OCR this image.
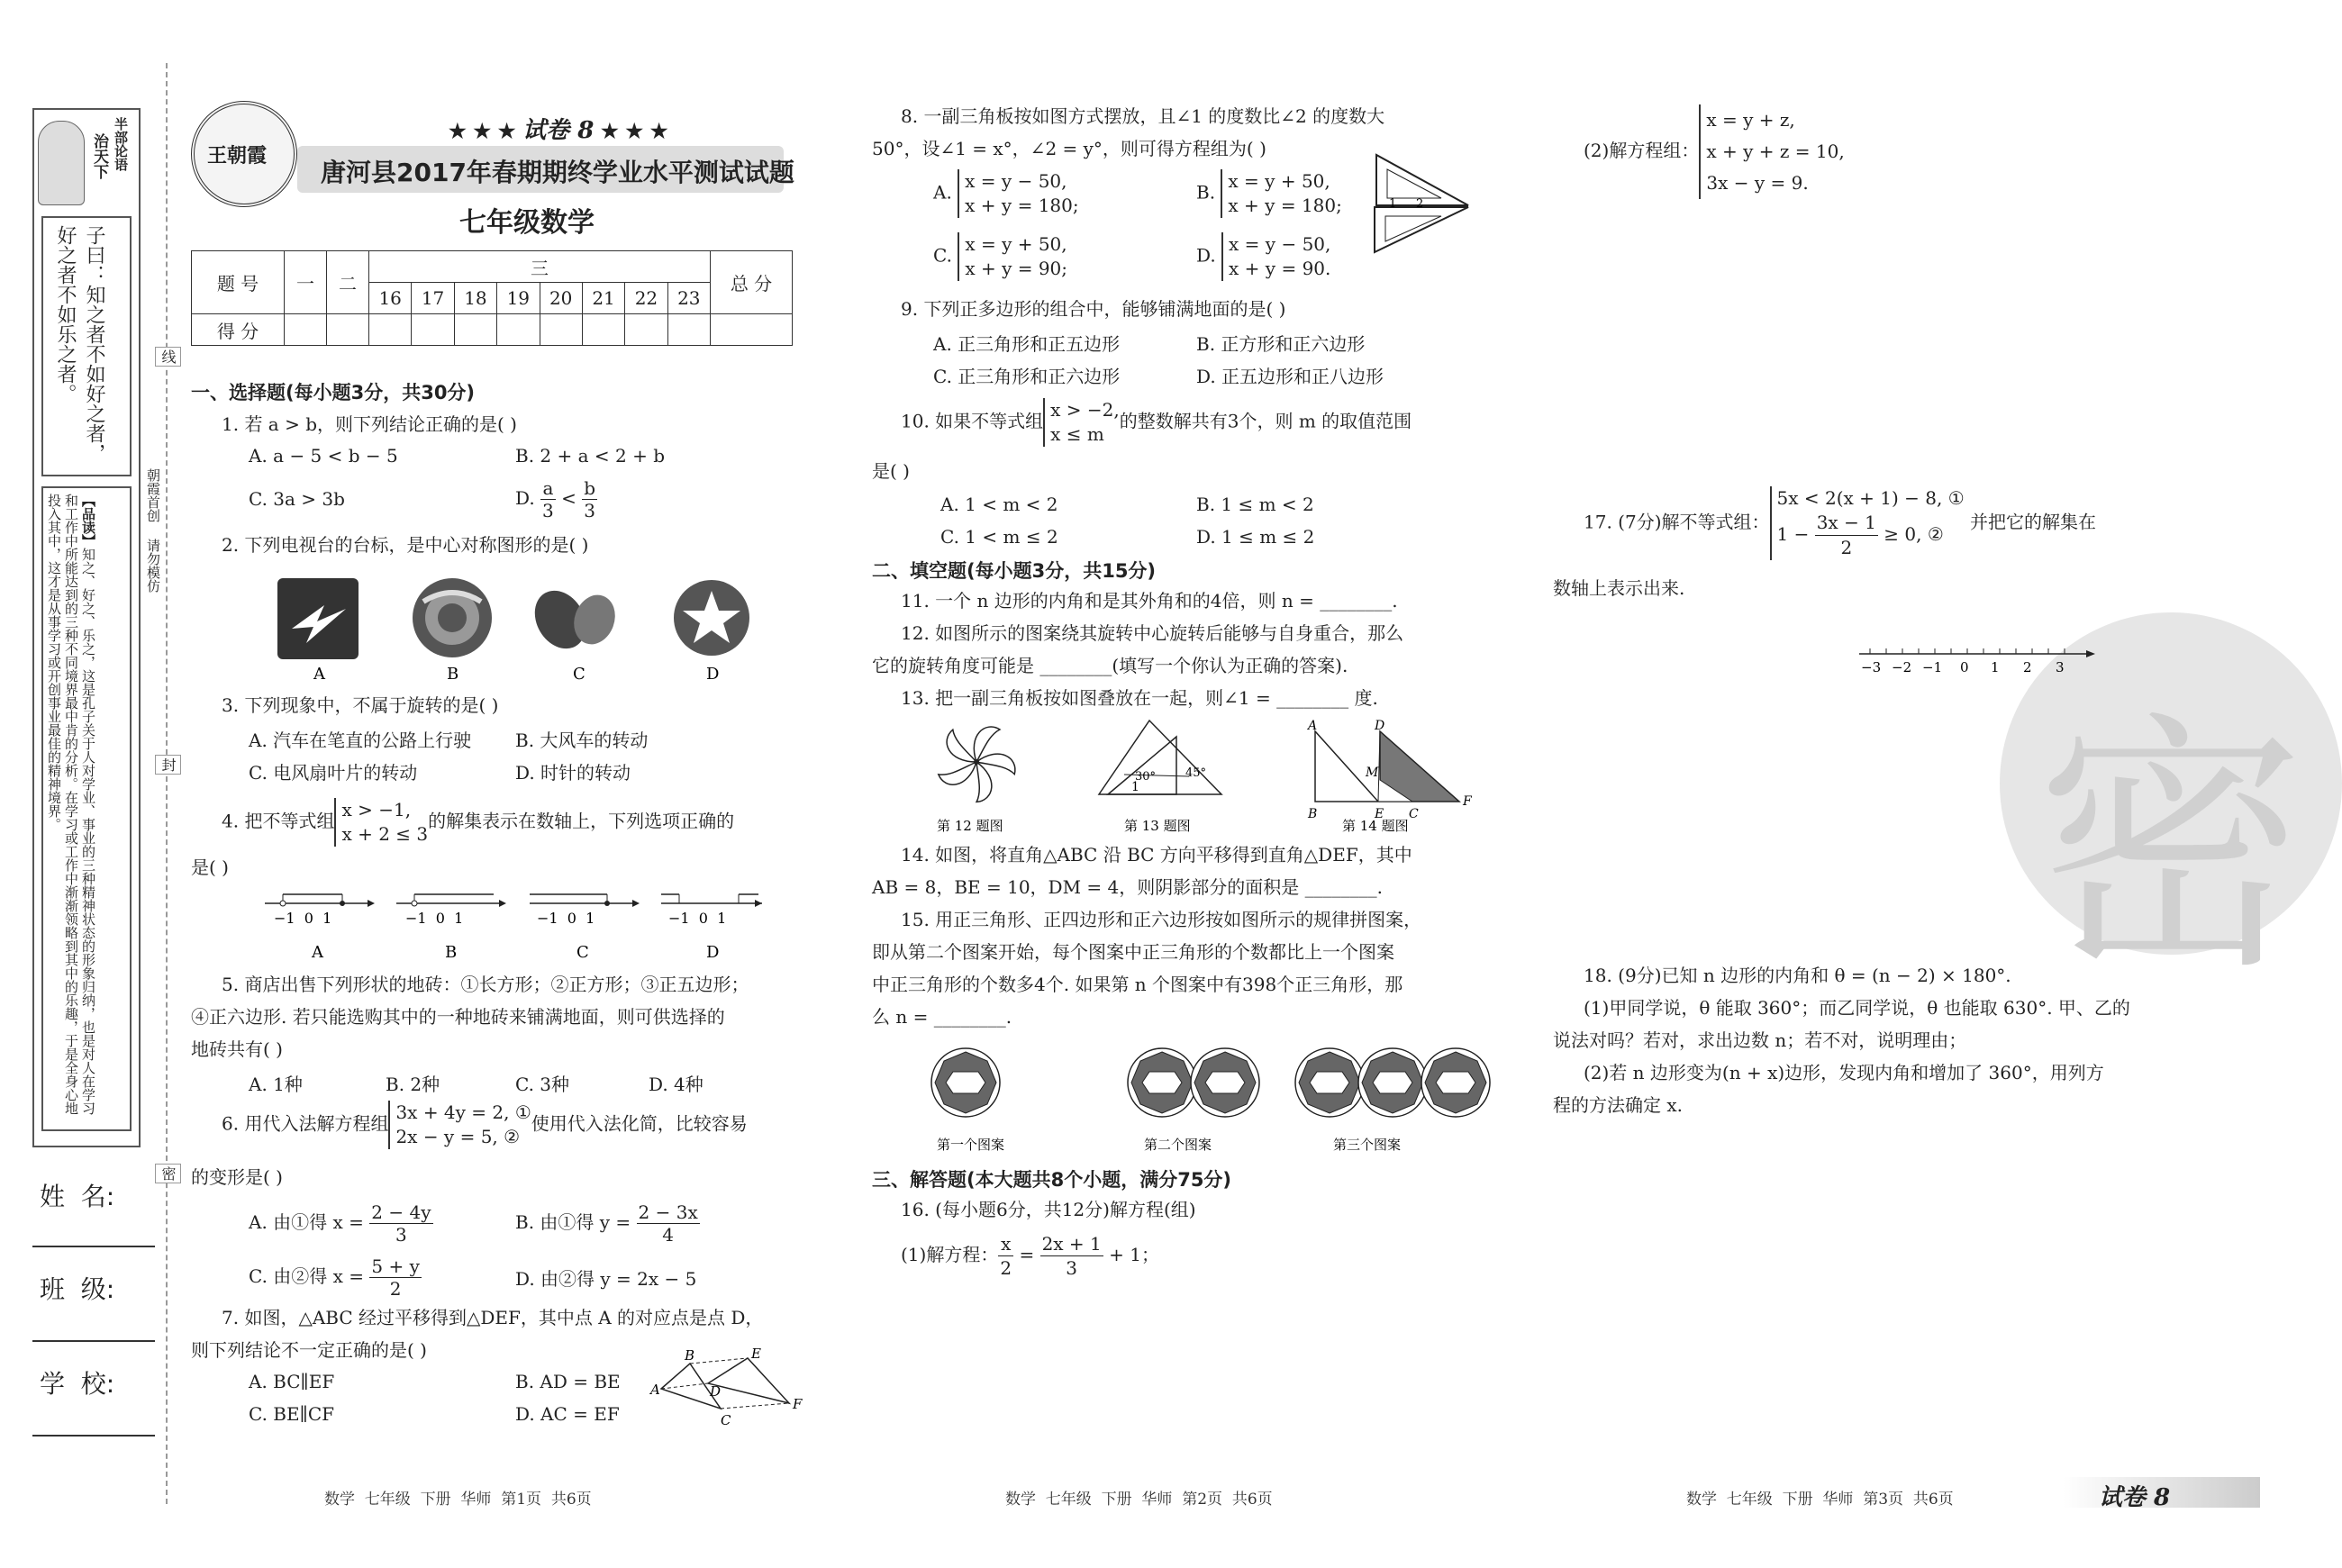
半部论语
治天下
子曰：知之者不如好之者，好之者不如乐之者。
【品读】知之、好之、乐之，这是孔子关于人对学业、事业的三种精神状态的形象归纳，也是对人在学习和工作中所能达到的三种不同境界最中肯的分析。在学习或工作中渐渐领略到其中的乐趣，于是全身心地投入其中，这才是从事学习或开创事业最佳的精神境界。
线
封
密
朝霞首创 请勿模仿
姓  名:
班  级:
学  校:
王朝霞
★ ★ ★ 试卷 8 ★ ★ ★
唐河县2017年春期期终学业水平测试试题
七年级数学
题 号	一	二	三								总 分
			16	17	18	19	20	21	22	23	
得 分											
一、选择题(每小题3分，共30分)
1. 若 a > b，则下列结论正确的是( )
A. a − 5 < b − 5	B. 2 + a < 2 + b
C. 3a > 3b	D. $\frac{a}{3} < \frac{b}{3}$
2. 下列电视台的台标，是中心对称图形的是( )
A	B	C	D
3. 下列现象中，不属于旋转的是( )
A. 汽车在笔直的公路上行驶 B. 大风车的转动
C. 电风扇叶片的转动	D. 时针的转动
4. 把不等式组x > −1,
x + 2 ≤ 3的解集表示在数轴上，下列选项正确的
是( )
−1  0  1	−1  0  1	−1  0  1	−1  0  1
A	B	C	D
5. 商店出售下列形状的地砖：①长方形；②正方形；③正五边形；
④正六边形. 若只能选购其中的一种地砖来铺满地面，则可供选择的
地砖共有( )
A. 1种	B. 2种	C. 3种	D. 4种
6. 用代入法解方程组3x + 4y = 2, ①
2x − y = 5, ②使用代入法化简，比较容易
的变形是( )
A. 由①得 $x = \frac{2 - 4y}{3}$	B. 由①得 $y = \frac{2 - 3x}{4}$
C. 由②得 $x = \frac{5 + y}{2}$	D. 由②得 y = 2x − 5
7. 如图，△ABC 经过平移得到△DEF，其中点 A 的对应点是点 D，
则下列结论不一定正确的是( )
A. BC∥EF	B. AD = BE
C. BE∥CF	D. AC = EF
A
B
C
D
E
F
数学  七年级  下册  华师  第1页  共6页
8. 一副三角板按如图方式摆放，且∠1 的度数比∠2 的度数大
50°，设∠1 = x°，∠2 = y°，则可得方程组为( )
A. x = y − 50,
x + y = 180;
B. x = y + 50,
x + y = 180;
C. x = y + 50,
x + y = 90;
D. x = y − 50,
x + y = 90.
1 2
9. 下列正多边形的组合中，能够铺满地面的是( )
A. 正三角形和正五边形	B. 正方形和正六边形
C. 正三角形和正六边形	D. 正五边形和正八边形
10. 如果不等式组x > −2,
x ≤ m的整数解共有3个，则 m 的取值范围
是( )
A. 1 < m < 2	B. 1 ≤ m < 2
C. 1 < m ≤ 2	D. 1 ≤ m ≤ 2
二、填空题(每小题3分，共15分)
11. 一个 n 边形的内角和是其外角和的4倍，则 n = ________.
12. 如图所示的图案绕其旋转中心旋转后能够与自身重合，那么
它的旋转角度可能是 ________(填写一个你认为正确的答案).
13. 把一副三角板按如图叠放在一起，则∠1 = ________ 度.
1
30°	45°
A	D
M
B	E C
F
第 12 题图	第 13 题图	第 14 题图
14. 如图，将直角△ABC 沿 BC 方向平移得到直角△DEF，其中
AB = 8，BE = 10，DM = 4，则阴影部分的面积是 ________.
15. 用正三角形、正四边形和正六边形按如图所示的规律拼图案，
即从第二个图案开始，每个图案中正三角形的个数都比上一个图案
中正三角形的个数多4个. 如果第 n 个图案中有398个正三角形，那
么 n = ________.
第一个图案	第二个图案	第三个图案
三、解答题(本大题共8个小题，满分75分)
16. (每小题6分，共12分)解方程(组)
(1)解方程： $\frac{x}{2} = \frac{2x + 1}{3} + 1$；
数学  七年级  下册  华师  第2页  共6页
密
(2)解方程组：x = y + z,
x + y + z = 10,
3x − y = 9.
17. (7分)解不等式组：5x < 2(x + 1) − 8, ①
$1 - \frac{3x - 1}{2} \ge 0$, ② 并把它的解集在
数轴上表示出来.
−3 −2 −1 0 1 2 3
18. (9分)已知 n 边形的内角和 θ = (n − 2) × 180°.
(1)甲同学说，θ 能取 360°；而乙同学说，θ 也能取 630°. 甲、乙的
说法对吗？若对，求出边数 n；若不对，说明理由；
(2)若 n 边形变为(n + x)边形，发现内角和增加了 360°，用列方
程的方法确定 x.
数学  七年级  下册  华师  第3页  共6页	试卷 8
